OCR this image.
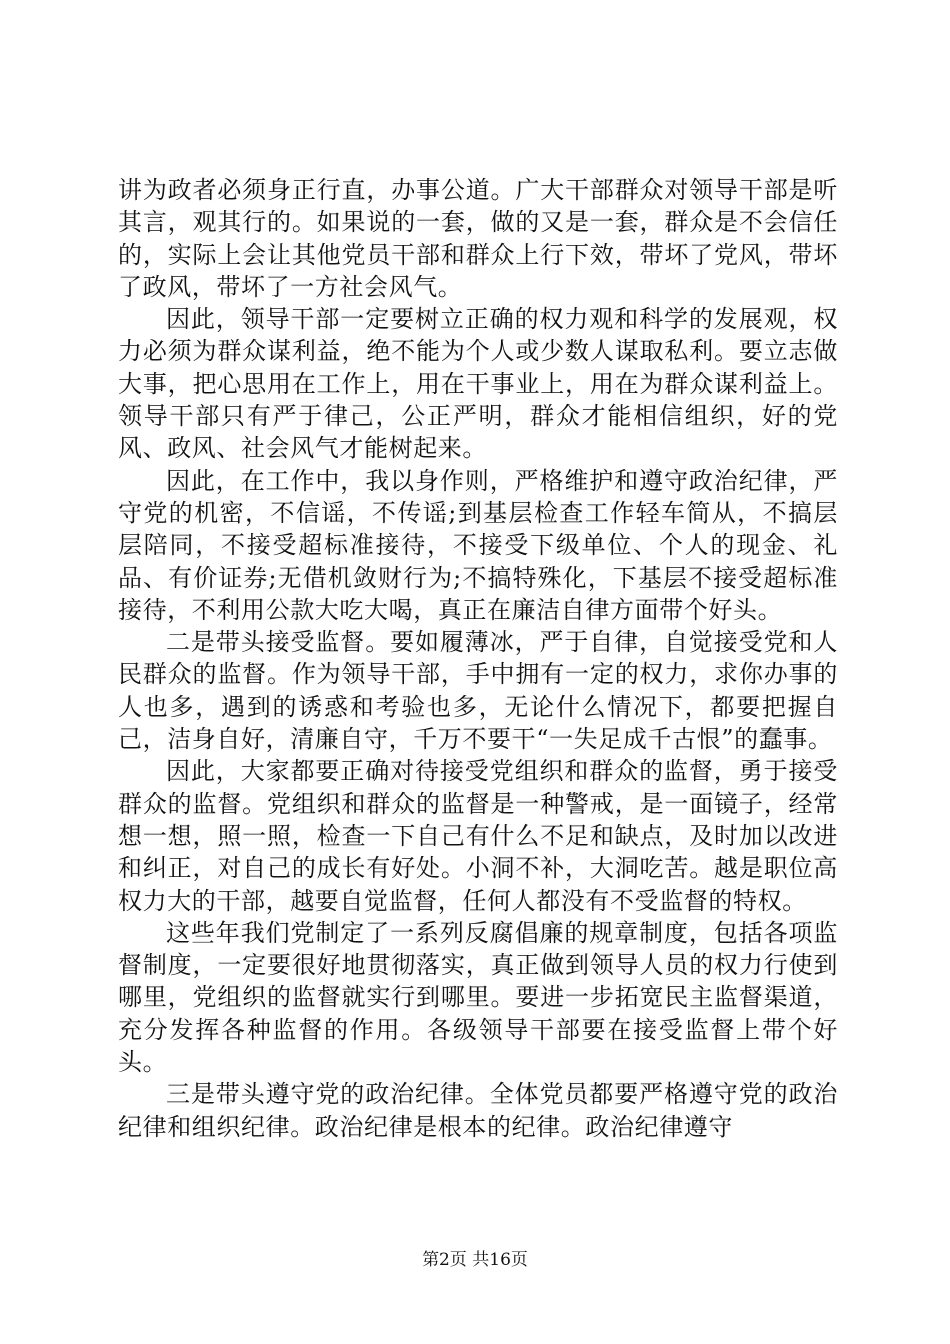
讲为政者必须身正行直，办事公道。广大干部群众对领导干部是听其言，观其行的。如果说的一套，做的又是一套，群众是不会信任的，实际上会让其他党员干部和群众上行下效，带坏了党风，带坏了政风，带坏了一方社会风气。

因此，领导干部一定要树立正确的权力观和科学的发展观，权力必须为群众谋利益，绝不能为个人或少数人谋取私利。要立志做大事，把心思用在工作上，用在干事业上，用在为群众谋利益上。领导干部只有严于律己，公正严明，群众才能相信组织，好的党风、政风、社会风气才能树起来。

因此，在工作中，我以身作则，严格维护和遵守政治纪律，严守党的机密，不信谣，不传谣;到基层检查工作轻车简从，不搞层层陪同，不接受超标准接待，不接受下级单位、个人的现金、礼品、有价证券;无借机敛财行为;不搞特殊化，下基层不接受超标准接待，不利用公款大吃大喝，真正在廉洁自律方面带个好头。

二是带头接受监督。要如履薄冰，严于自律，自觉接受党和人民群众的监督。作为领导干部，手中拥有一定的权力，求你办事的人也多，遇到的诱惑和考验也多，无论什么情况下，都要把握自己，洁身自好，清廉自守，千万不要干“一失足成千古恨”的蠢事。

因此，大家都要正确对待接受党组织和群众的监督，勇于接受群众的监督。党组织和群众的监督是一种警戒，是一面镜子，经常想一想，照一照，检查一下自己有什么不足和缺点，及时加以改进和纠正，对自己的成长有好处。小洞不补，大洞吃苦。越是职位高权力大的干部，越要自觉监督，任何人都没有不受监督的特权。

这些年我们党制定了一系列反腐倡廉的规章制度，包括各项监督制度，一定要很好地贯彻落实，真正做到领导人员的权力行使到哪里，党组织的监督就实行到哪里。要进一步拓宽民主监督渠道，充分发挥各种监督的作用。各级领导干部要在接受监督上带个好头。

三是带头遵守党的政治纪律。全体党员都要严格遵守党的政治纪律和组织纪律。政治纪律是根本的纪律。政治纪律遵守

第2页 共16页
